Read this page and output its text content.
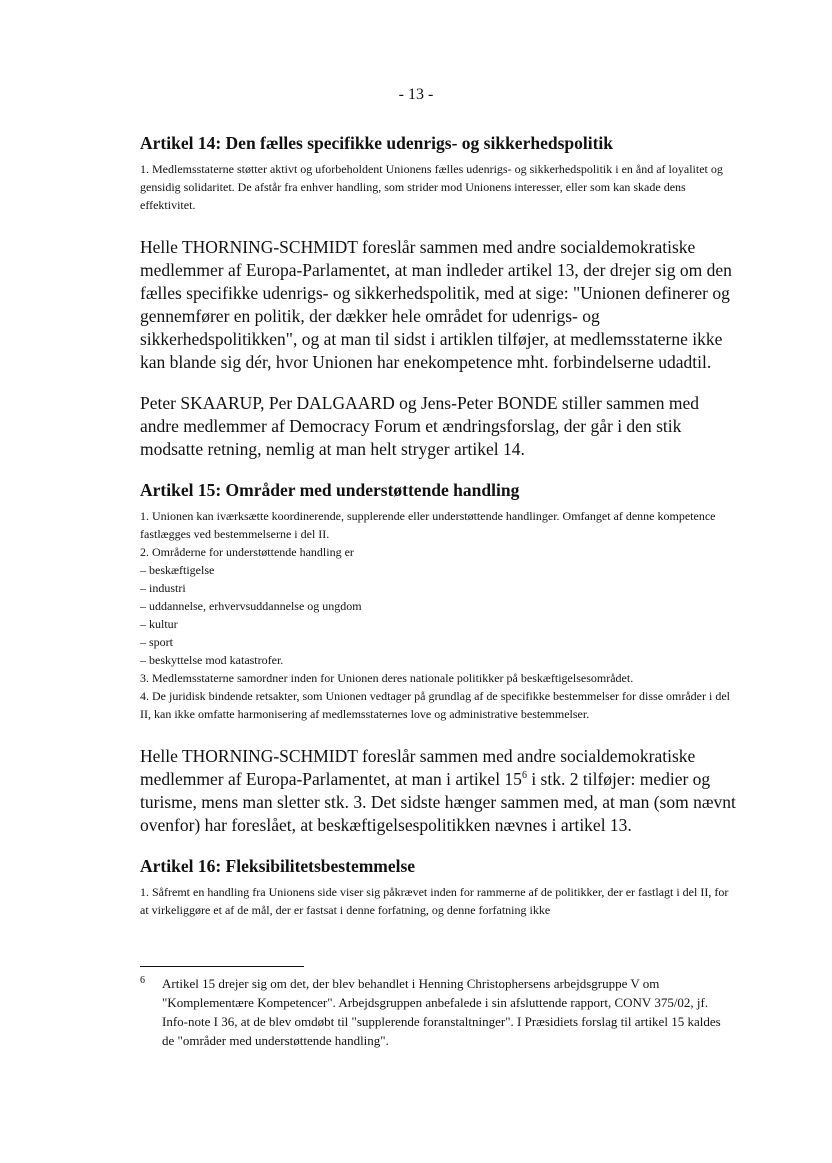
- 13 -
Artikel 14: Den fælles specifikke udenrigs- og sikkerhedspolitik

1. Medlemsstaterne støtter aktivt og uforbeholdent Unionens fælles udenrigs- og sikkerhedspolitik i en ånd af loyalitet og gensidig solidaritet. De afstår fra enhver handling, som strider mod Unionens interesser, eller som kan skade dens effektivitet.

Helle THORNING-SCHMIDT foreslår sammen med andre socialdemokratiske medlemmer af Europa-Parlamentet, at man indleder artikel 13, der drejer sig om den fælles specifikke udenrigs- og sikkerhedspolitik, med at sige: "Unionen definerer og gennemfører en politik, der dækker hele området for udenrigs- og sikkerhedspolitikken", og at man til sidst i artiklen tilføjer, at medlemsstaterne ikke kan blande sig dér, hvor Unionen har enekompetence mht. forbindelserne udadtil.

Peter SKAARUP, Per DALGAARD og Jens-Peter BONDE stiller sammen med andre medlemmer af Democracy Forum et ændringsforslag, der går i den stik modsatte retning, nemlig at man helt stryger artikel 14.

Artikel 15: Områder med understøttende handling

1. Unionen kan iværksætte koordinerende, supplerende eller understøttende handlinger. Omfanget af denne kompetence fastlægges ved bestemmelserne i del II.

2. Områderne for understøttende handling er

– beskæftigelse
– industri
– uddannelse, erhvervsuddannelse og ungdom
– kultur
– sport
– beskyttelse mod katastrofer.

3. Medlemsstaterne samordner inden for Unionen deres nationale politikker på beskæftigelsesområdet.

4. De juridisk bindende retsakter, som Unionen vedtager på grundlag af de specifikke bestemmelser for disse områder i del II, kan ikke omfatte harmonisering af medlemsstaternes love og administrative bestemmelser.

Helle THORNING-SCHMIDT foreslår sammen med andre socialdemokratiske medlemmer af Europa-Parlamentet, at man i artikel $15^6$ i stk. 2 tilføjer: medier og turisme, mens man sletter stk. 3. Det sidste hænger sammen med, at man (som nævnt ovenfor) har foreslået, at beskæftigelsespolitikken nævnes i artikel 13.

Artikel 16: Fleksibilitetsbestemmelse

1. Såfremt en handling fra Unionens side viser sig påkrævet inden for rammerne af de politikker, der er fastlagt i del II, for at virkeliggøre et af de mål, der er fastsat i denne forfatning, og denne forfatning ikke

6	Artikel 15 drejer sig om det, der blev behandlet i Henning Christophersens arbejdsgruppe V om "Komplementære Kompetencer". Arbejdsgruppen anbefalede i sin afsluttende rapport, CONV 375/02, jf. Info-note I 36, at de blev omdøbt til "supplerende foranstaltninger". I Præsidiets forslag til artikel 15 kaldes de "områder med understøttende handling".
